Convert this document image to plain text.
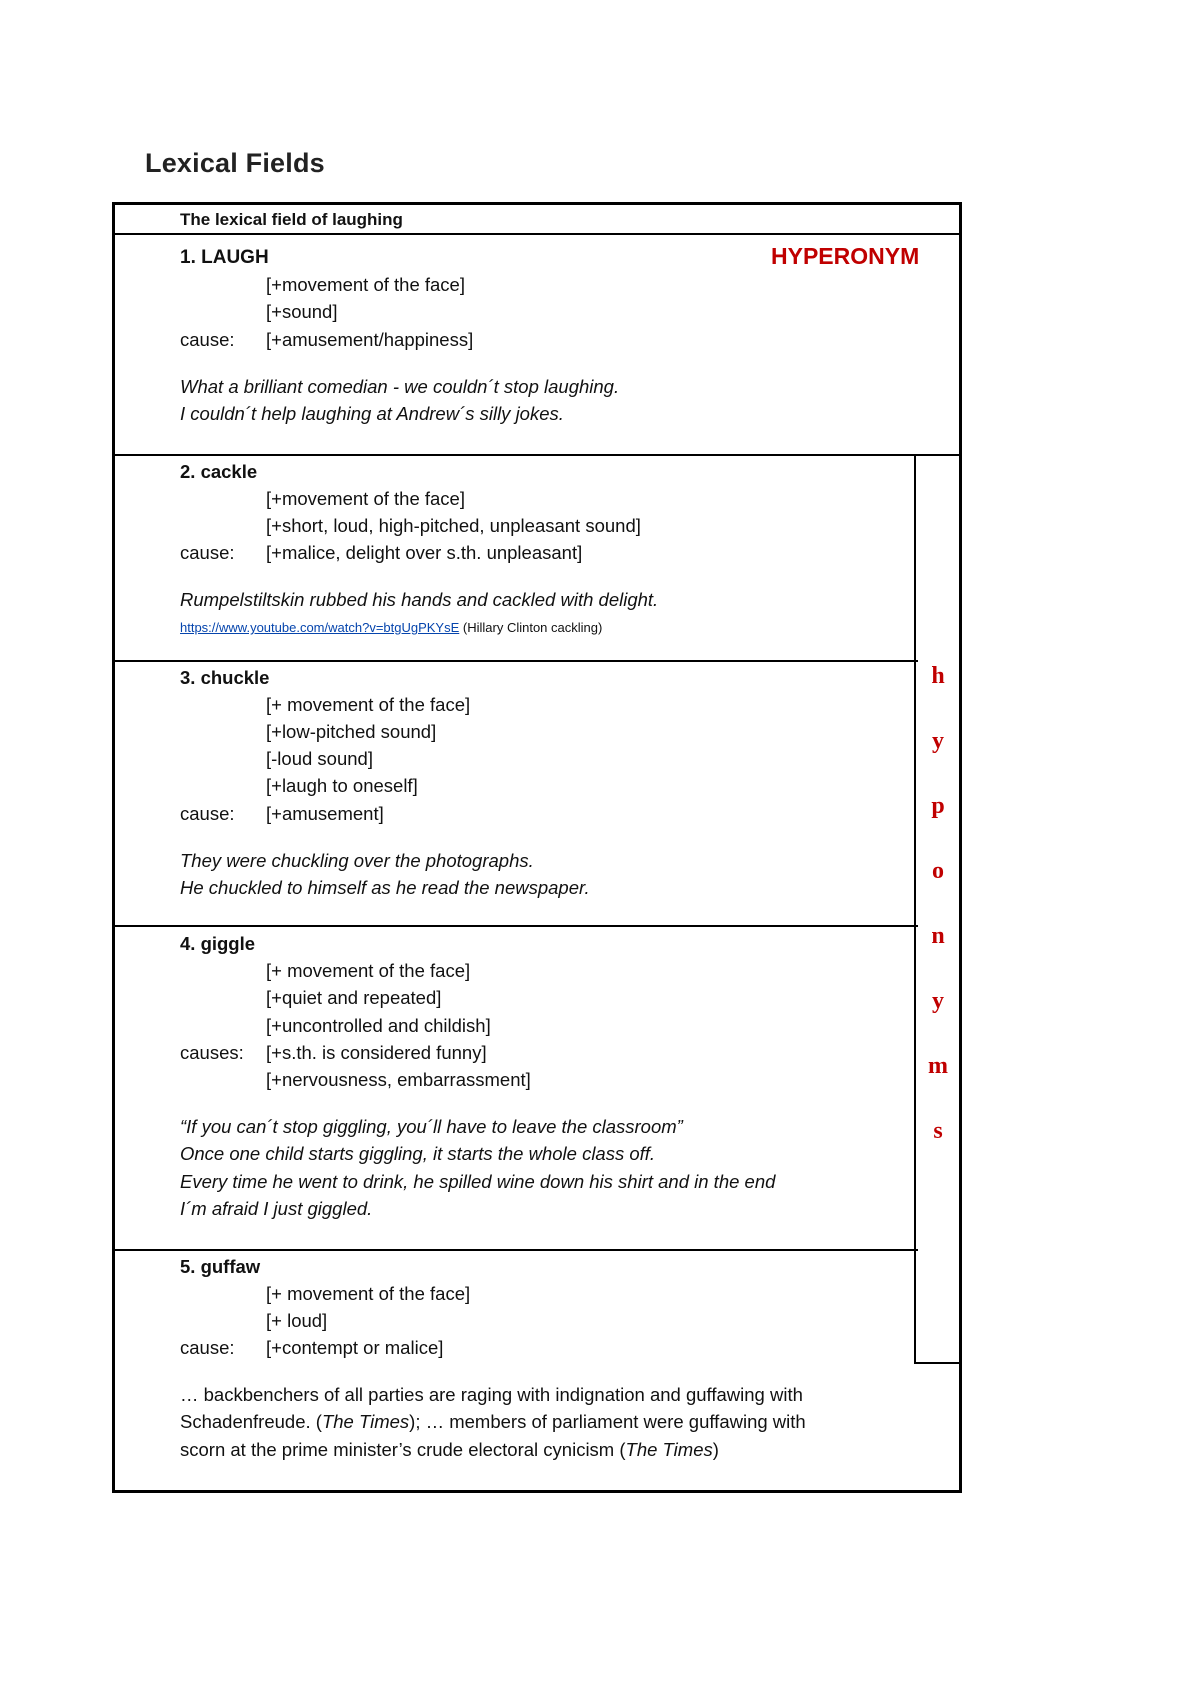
Lexical Fields
The lexical field of laughing
1. LAUGH	HYPERONYM
[+movement of the face]
[+sound]
cause: [+amusement/happiness]
What a brilliant comedian - we couldn´t stop laughing.
I couldn´t help laughing at Andrew´s silly jokes.
2. cackle
[+movement of the face]
[+short, loud, high-pitched, unpleasant sound]
cause: [+malice, delight over s.th. unpleasant]
Rumpelstiltskin rubbed his hands and cackled with delight.
https://www.youtube.com/watch?v=btgUgPKYsE (Hillary Clinton cackling)
3. chuckle
[+ movement of the face]
[+low-pitched sound]
[-loud sound]
[+laugh to oneself]
cause: [+amusement]
They were chuckling over the photographs.
He chuckled to himself as he read the newspaper.
4. giggle
[+ movement of the face]
[+quiet and repeated]
[+uncontrolled and childish]
causes: [+s.th. is considered funny]
[+nervousness, embarrassment]
“If you can´t stop giggling, you´ll have to leave the classroom”
Once one child starts giggling, it starts the whole class off.
Every time he went to drink, he spilled wine down his shirt and in the end
I´m afraid I just giggled.
5. guffaw
[+ movement of the face]
[+ loud]
cause: [+contempt or malice]
… backbenchers of all parties are raging with indignation and guffawing with
Schadenfreude. (The Times); … members of parliament were guffawing with
scorn at the prime minister’s crude electoral cynicism (The Times)
h
y
p
o
n
y
m
s
